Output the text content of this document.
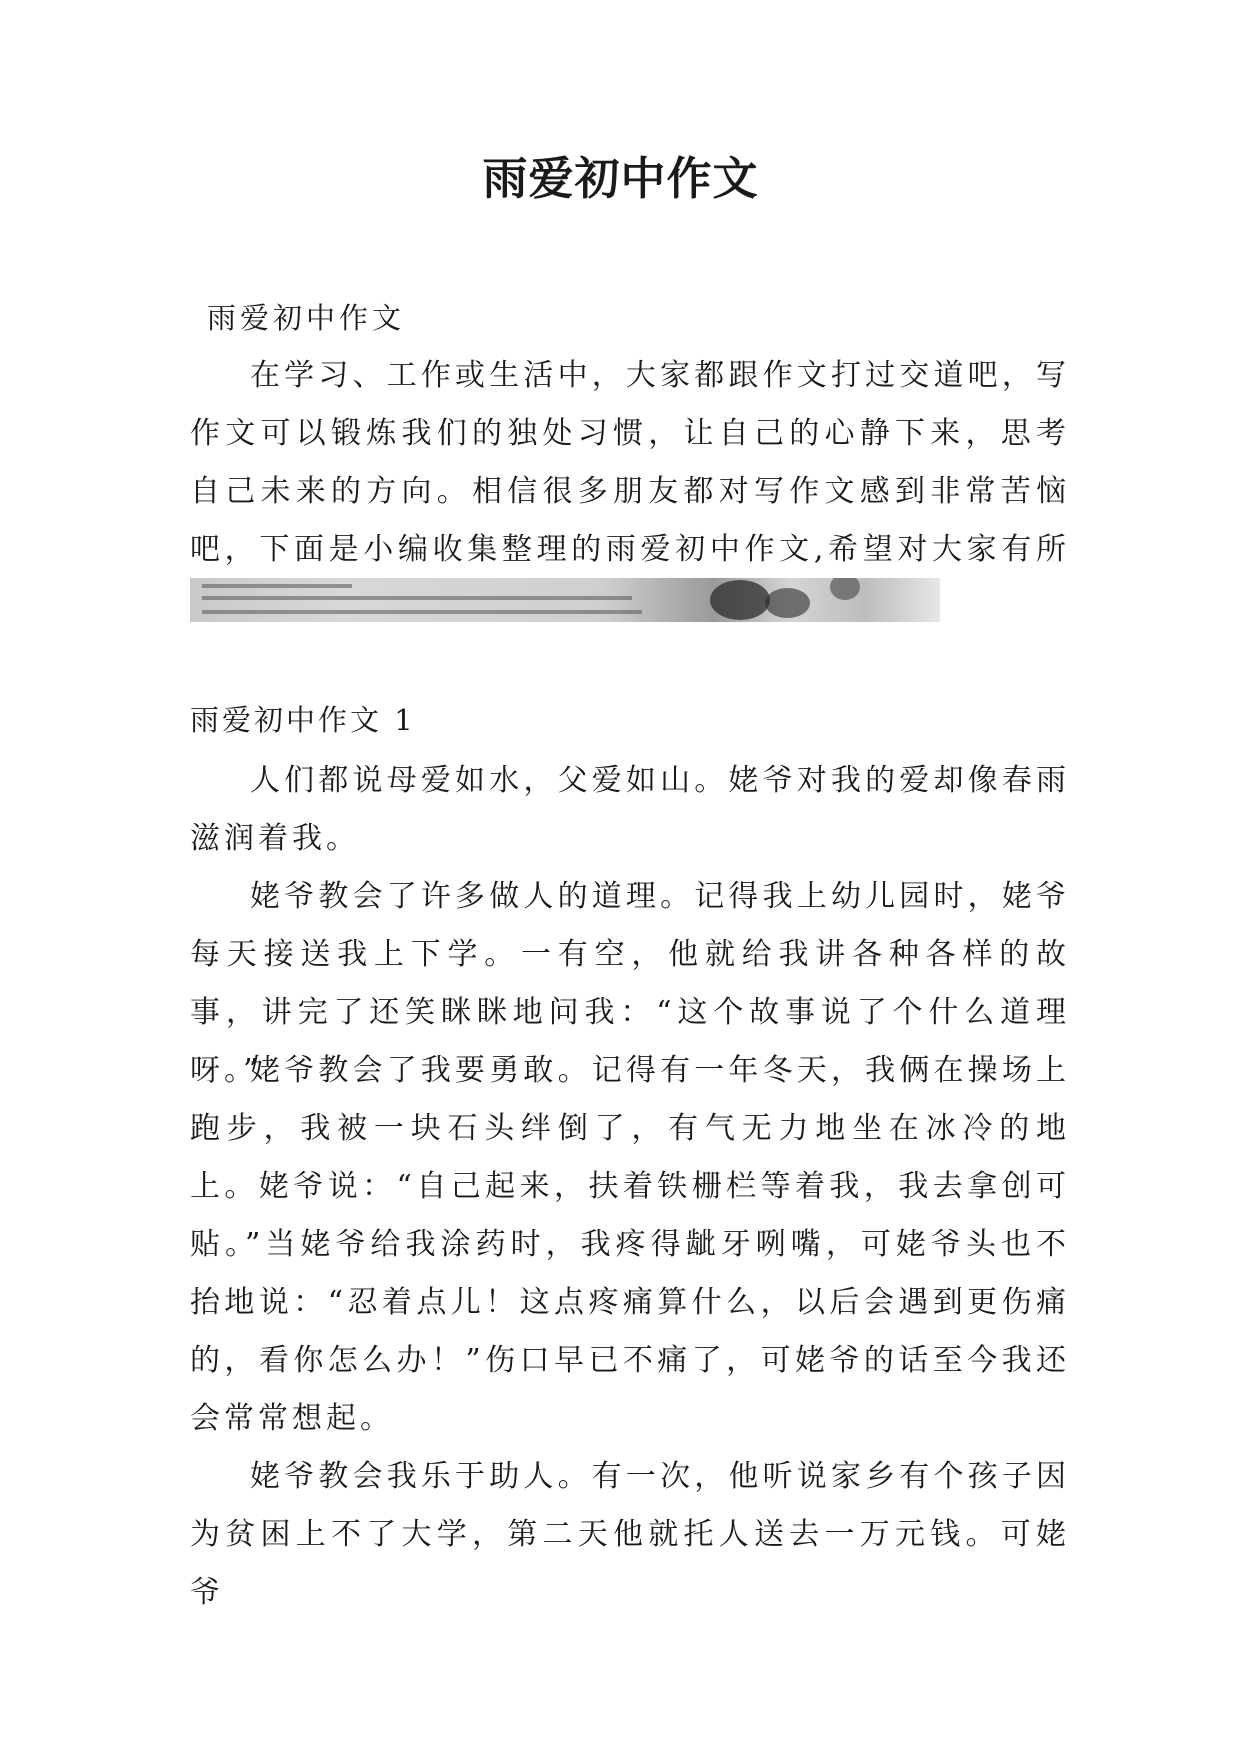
雨爱初中作文
雨爱初中作文

在学习、工作或生活中，大家都跟作文打过交道吧，写作文可以锻炼我们的独处习惯，让自己的心静下来，思考自己未来的方向。相信很多朋友都对写作文感到非常苦恼吧，下面是小编收集整理的雨爱初中作文,希望对大家有所

雨爱初中作文 1

人们都说母爱如水，父爱如山。姥爷对我的爱却像春雨滋润着我。

姥爷教会了许多做人的道理。记得我上幼儿园时，姥爷每天接送我上下学。一有空，他就给我讲各种各样的故事，讲完了还笑眯眯地问我：“这个故事说了个什么道理呀。”

姥爷教会了我要勇敢。记得有一年冬天，我俩在操场上跑步，我被一块石头绊倒了，有气无力地坐在冰冷的地上。姥爷说：“自己起来，扶着铁栅栏等着我，我去拿创可贴。”当姥爷给我涂药时，我疼得龇牙咧嘴，可姥爷头也不抬地说：“忍着点儿！这点疼痛算什么，以后会遇到更伤痛的，看你怎么办！”伤口早已不痛了，可姥爷的话至今我还会常常想起。

姥爷教会我乐于助人。有一次，他听说家乡有个孩子因为贫困上不了大学，第二天他就托人送去一万元钱。可姥爷
